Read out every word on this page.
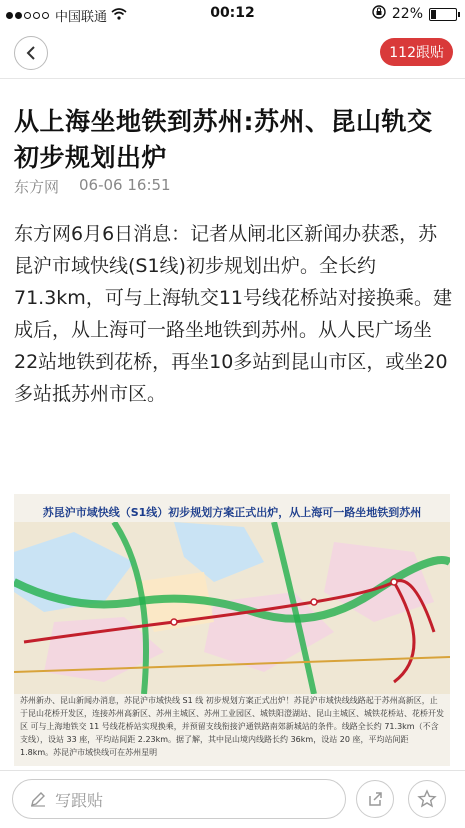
中国联通	00:12	22%
112跟贴
从上海坐地铁到苏州:苏州、昆山轨交初步规划出炉
东方网 06-06 16:51
东方网6月6日消息：记者从闸北区新闻办获悉，苏昆沪市域快线(S1线)初步规划出炉。全长约71.3km，可与上海轨交11号线花桥站对接换乘。建成后，从上海可一路坐地铁到苏州。从人民广场坐22站地铁到花桥，再坐10多站到昆山市区，或坐20多站抵苏州市区。
苏昆沪市域快线（S1线）初步规划方案正式出炉，从上海可一路坐地铁到苏州
苏州新办、昆山新闻办消息，苏昆沪市域快线 S1 线 初步规划方案正式出炉！苏昆沪市域快线线路起于苏州高新区，止于昆山花桥开发区，连接苏州高新区、苏州主城区、苏州工业园区、城铁阳澄湖站、昆山主城区、城铁花桥站、花桥开发区 可与上海地铁交 11 号线花桥站实现换乘，并预留支线衔接沪通铁路南郊新城站的条件。线路全长约 71.3km（不含支线），设站 33 座，平均站间距 2.23km。据了解，其中昆山境内线路长约 36km，设站 20 座，平均站间距 1.8km。苏昆沪市域快线可在苏州星明
写跟贴
